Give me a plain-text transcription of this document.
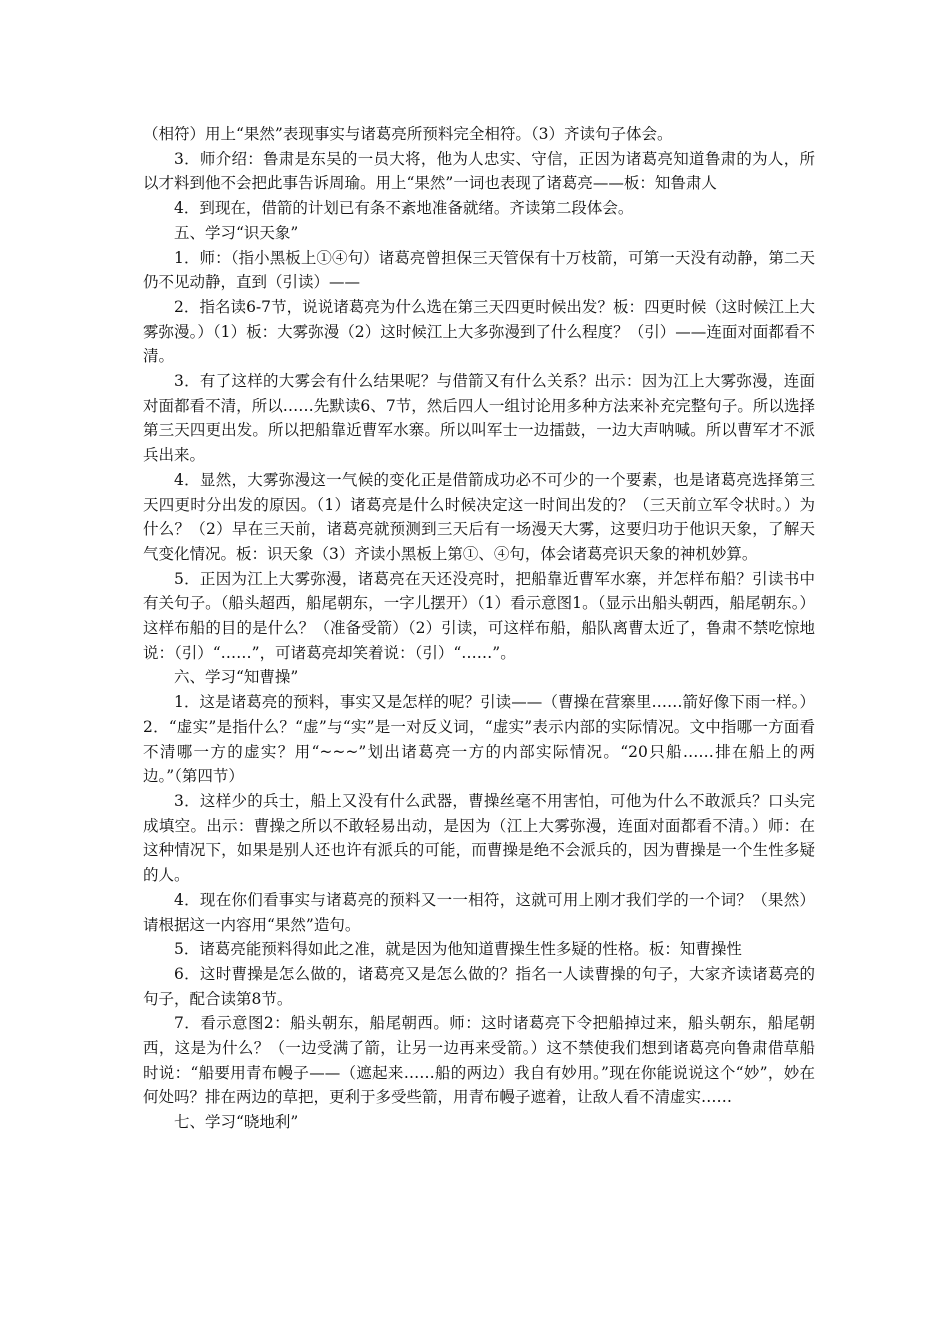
（相符）用上“果然”表现事实与诸葛亮所预料完全相符。（3）齐读句子体会。

3．师介绍：鲁肃是东吴的一员大将，他为人忠实、守信，正因为诸葛亮知道鲁肃的为人，所以才料到他不会把此事告诉周瑜。用上“果然”一词也表现了诸葛亮——板：知鲁肃人

4．到现在，借箭的计划已有条不紊地准备就绪。齐读第二段体会。

五、学习“识天象”

1．师：（指小黑板上①④句）诸葛亮曾担保三天管保有十万枝箭，可第一天没有动静，第二天仍不见动静，直到（引读）——

2．指名读6-7节，说说诸葛亮为什么选在第三天四更时候出发？板：四更时候（这时候江上大雾弥漫。）（1）板：大雾弥漫（2）这时候江上大多弥漫到了什么程度？（引）——连面对面都看不清。

3．有了这样的大雾会有什么结果呢？与借箭又有什么关系？出示：因为江上大雾弥漫，连面对面都看不清，所以……先默读6、7节，然后四人一组讨论用多种方法来补充完整句子。所以选择第三天四更出发。所以把船靠近曹军水寨。所以叫军士一边擂鼓，一边大声呐喊。所以曹军才不派兵出来。

4．显然，大雾弥漫这一气候的变化正是借箭成功必不可少的一个要素，也是诸葛亮选择第三天四更时分出发的原因。（1）诸葛亮是什么时候决定这一时间出发的？（三天前立军令状时。）为什么？（2）早在三天前，诸葛亮就预测到三天后有一场漫天大雾，这要归功于他识天象，了解天气变化情况。板：识天象（3）齐读小黑板上第①、④句，体会诸葛亮识天象的神机妙算。

5．正因为江上大雾弥漫，诸葛亮在天还没亮时，把船靠近曹军水寨，并怎样布船？引读书中有关句子。（船头超西，船尾朝东，一字儿摆开）（1）看示意图1。（显示出船头朝西，船尾朝东。）这样布船的目的是什么？（准备受箭）（2）引读，可这样布船，船队离曹太近了，鲁肃不禁吃惊地说：（引）“……”，可诸葛亮却笑着说：（引）“……”。

六、学习“知曹操”

1．这是诸葛亮的预料，事实又是怎样的呢？引读——（曹操在营寨里……箭好像下雨一样。）2．“虚实”是指什么？“虚”与“实”是一对反义词，“虚实”表示内部的实际情况。文中指哪一方面看不清哪一方的虚实？用“~~~”划出诸葛亮一方的内部实际情况。“20只船……排在船上的两边。”（第四节）

3．这样少的兵士，船上又没有什么武器，曹操丝毫不用害怕，可他为什么不敢派兵？口头完成填空。出示：曹操之所以不敢轻易出动，是因为（江上大雾弥漫，连面对面都看不清。）师：在这种情况下，如果是别人还也许有派兵的可能，而曹操是绝不会派兵的，因为曹操是一个生性多疑的人。

4．现在你们看事实与诸葛亮的预料又一一相符，这就可用上刚才我们学的一个词？（果然）请根据这一内容用“果然”造句。

5．诸葛亮能预料得如此之准，就是因为他知道曹操生性多疑的性格。板：知曹操性

6．这时曹操是怎么做的，诸葛亮又是怎么做的？指名一人读曹操的句子，大家齐读诸葛亮的句子，配合读第8节。

7．看示意图2：船头朝东，船尾朝西。师：这时诸葛亮下令把船掉过来，船头朝东，船尾朝西，这是为什么？（一边受满了箭，让另一边再来受箭。）这不禁使我们想到诸葛亮向鲁肃借草船时说：“船要用青布幔子——（遮起来……船的两边）我自有妙用。”现在你能说说这个“妙”，妙在何处吗？排在两边的草把，更利于多受些箭，用青布幔子遮着，让敌人看不清虚实……

七、学习“晓地利”
